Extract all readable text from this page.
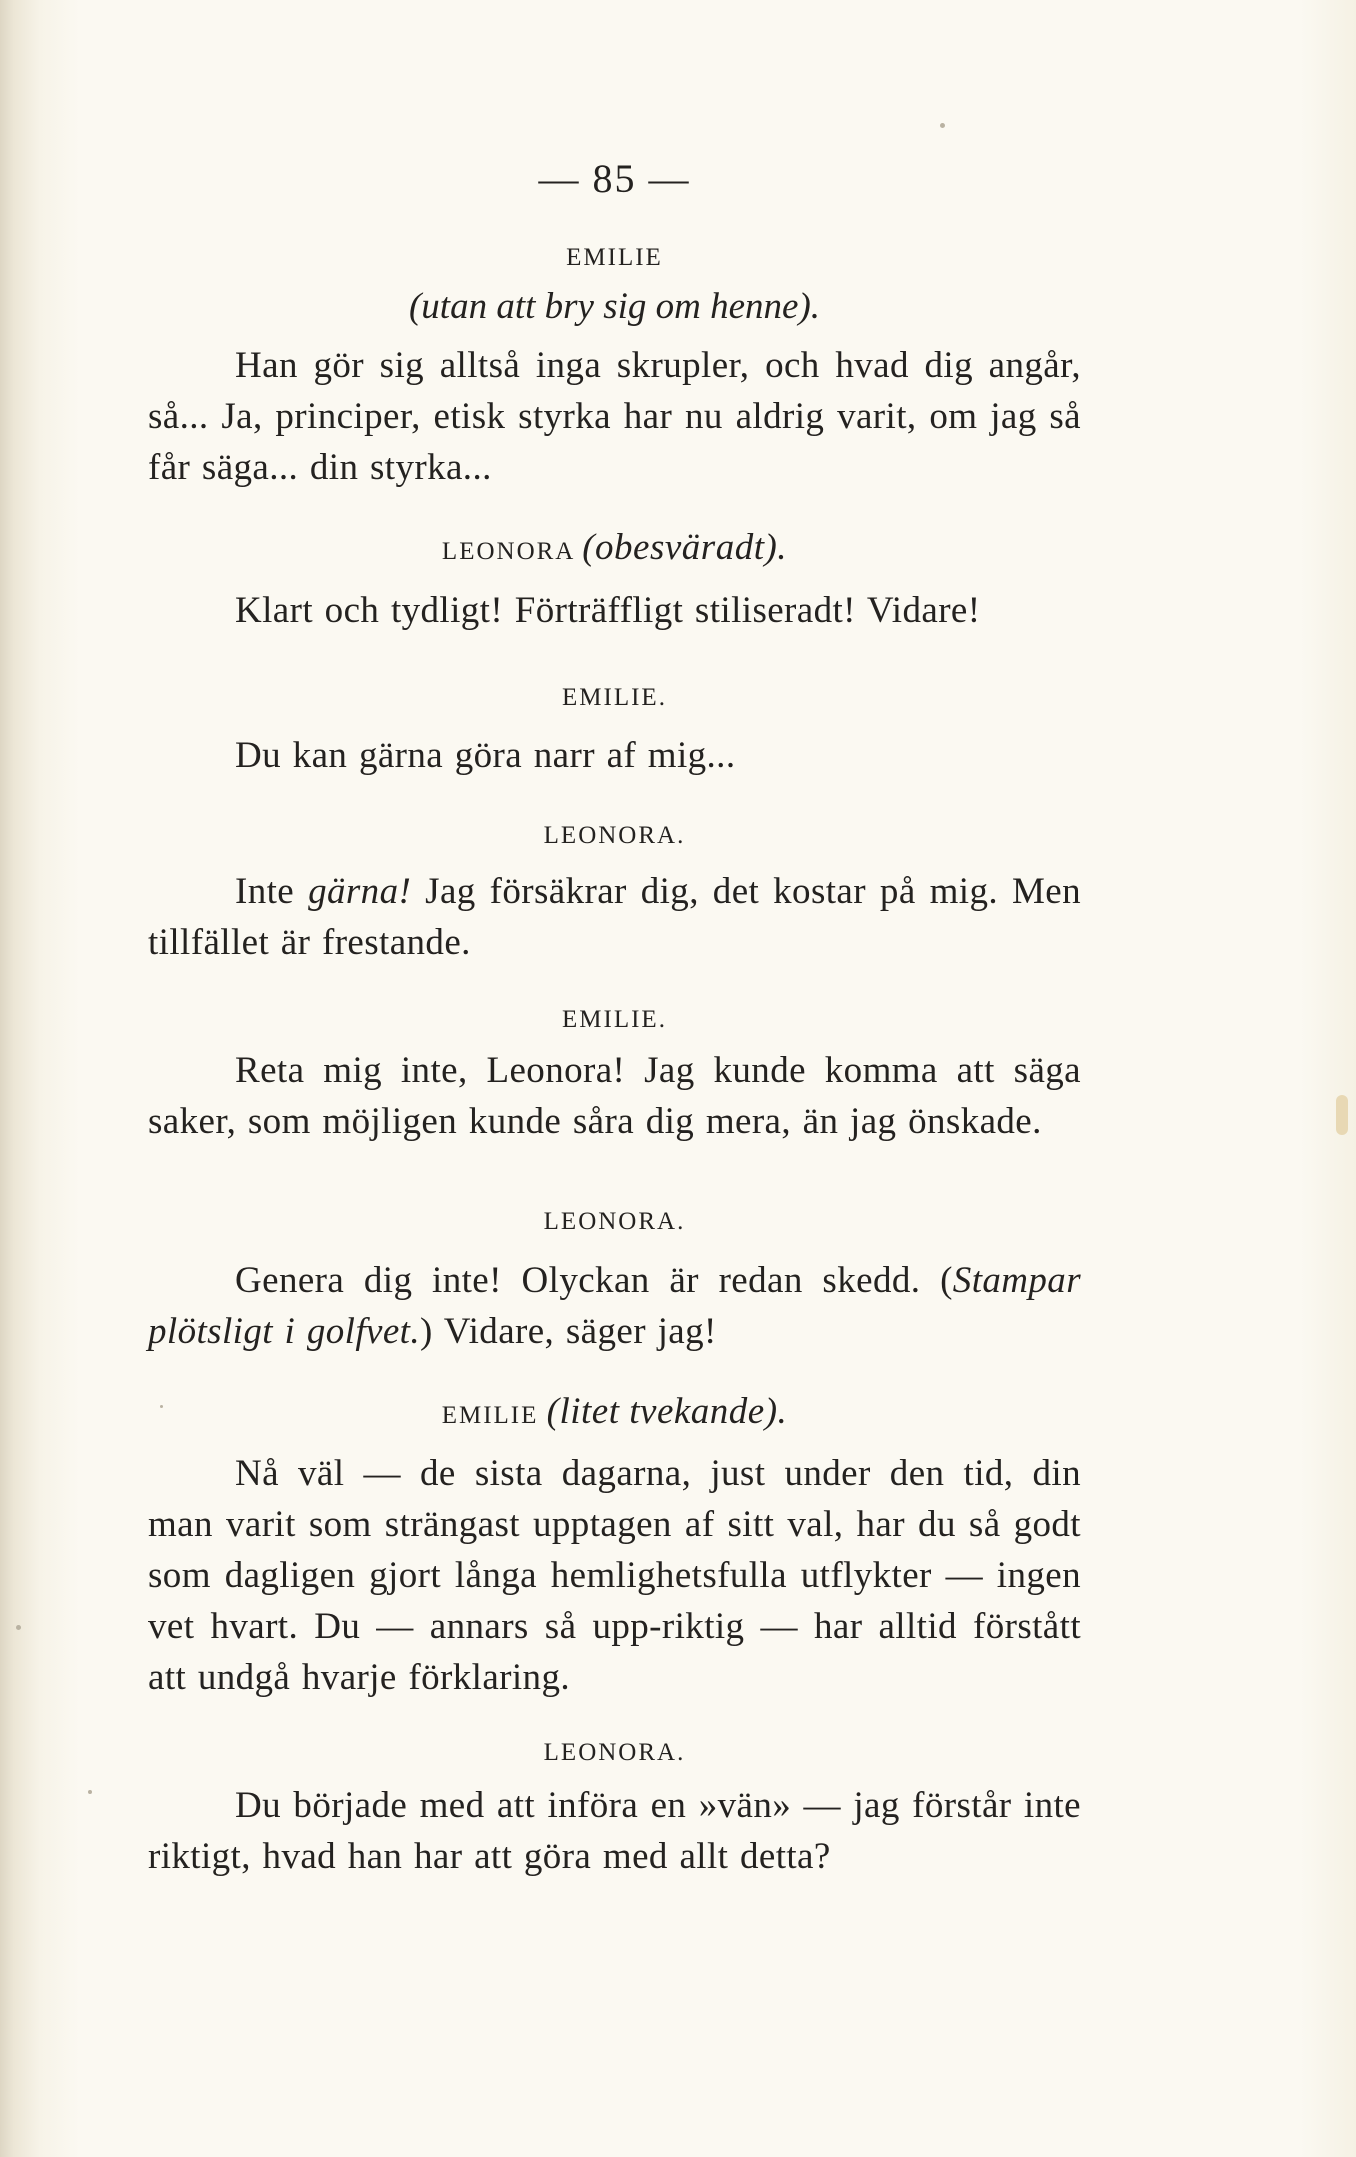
— 85 —
EMILIE
(utan att bry sig om henne).
Han gör sig alltså inga skrupler, och hvad dig angår, så... Ja, principer, etisk styrka har nu aldrig varit, om jag så får säga... din styrka...
LEONORA (obesväradt).
Klart och tydligt! Förträffligt stiliseradt! Vidare!
EMILIE.
Du kan gärna göra narr af mig...
LEONORA.
Inte gärna! Jag försäkrar dig, det kostar på mig. Men tillfället är frestande.
EMILIE.
Reta mig inte, Leonora! Jag kunde komma att säga saker, som möjligen kunde såra dig mera, än jag önskade.
LEONORA.
Genera dig inte! Olyckan är redan skedd. (Stampar plötsligt i golfvet.) Vidare, säger jag!
EMILIE (litet tvekande).
Nå väl — de sista dagarna, just under den tid, din man varit som strängast upptagen af sitt val, har du så godt som dagligen gjort långa hemlighetsfulla utflykter — ingen vet hvart. Du — annars så upp-riktig — har alltid förstått att undgå hvarje förklaring.
LEONORA.
Du började med att införa en »vän» — jag förstår inte riktigt, hvad han har att göra med allt detta?
